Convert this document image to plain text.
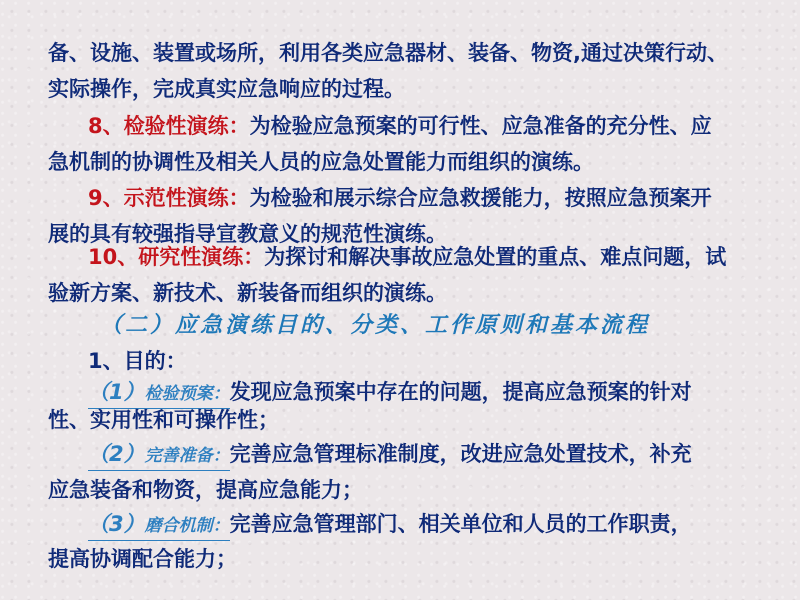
备、设施、装置或场所，利用各类应急器材、装备、物资,通过决策行动、
实际操作，完成真实应急响应的过程。
8、检验性演练：为检验应急预案的可行性、应急准备的充分性、应
急机制的协调性及相关人员的应急处置能力而组织的演练。
9、示范性演练：为检验和展示综合应急救援能力，按照应急预案开
展的具有较强指导宣教意义的规范性演练。
10、研究性演练：为探讨和解决事故应急处置的重点、难点问题，试
验新方案、新技术、新装备而组织的演练。
（二）应急演练目的、分类、工作原则和基本流程
1、目的：
（1）检验预案：发现应急预案中存在的问题，提高应急预案的针对
性、实用性和可操作性；
（2）完善准备：完善应急管理标准制度，改进应急处置技术，补充
应急装备和物资，提高应急能力；
（3）磨合机制：完善应急管理部门、相关单位和人员的工作职责，
提高协调配合能力；
